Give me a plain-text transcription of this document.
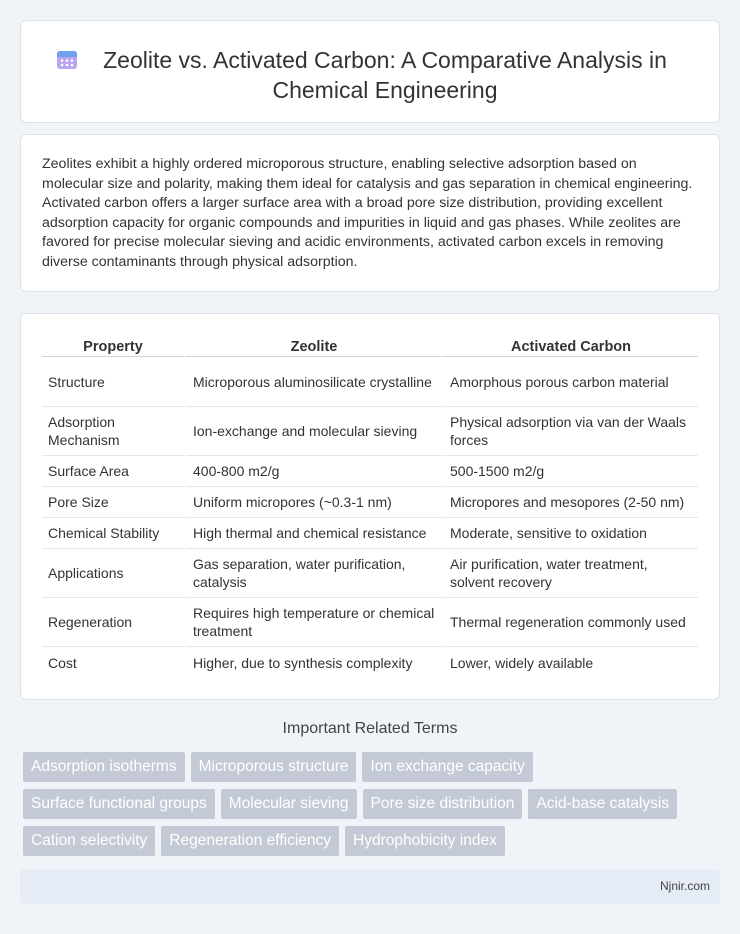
Zeolite vs. Activated Carbon: A Comparative Analysis in Chemical Engineering

Zeolites exhibit a highly ordered microporous structure, enabling selective adsorption based on molecular size and polarity, making them ideal for catalysis and gas separation in chemical engineering. Activated carbon offers a larger surface area with a broad pore size distribution, providing excellent adsorption capacity for organic compounds and impurities in liquid and gas phases. While zeolites are favored for precise molecular sieving and acidic environments, activated carbon excels in removing diverse contaminants through physical adsorption.

Property	Zeolite	Activated Carbon
Structure	Microporous aluminosilicate crystalline	Amorphous porous carbon material
Adsorption Mechanism	Ion-exchange and molecular sieving	Physical adsorption via van der Waals forces
Surface Area	400-800 m2/g	500-1500 m2/g
Pore Size	Uniform micropores (~0.3-1 nm)	Micropores and mesopores (2-50 nm)
Chemical Stability	High thermal and chemical resistance	Moderate, sensitive to oxidation
Applications	Gas separation, water purification, catalysis	Air purification, water treatment, solvent recovery
Regeneration	Requires high temperature or chemical treatment	Thermal regeneration commonly used
Cost	Higher, due to synthesis complexity	Lower, widely available
Important Related Terms
Adsorption isotherms	Microporous structure	Ion exchange capacity
Surface functional groups	Molecular sieving	Pore size distribution	Acid-base catalysis
Cation selectivity	Regeneration efficiency	Hydrophobicity index
Njnir.com
